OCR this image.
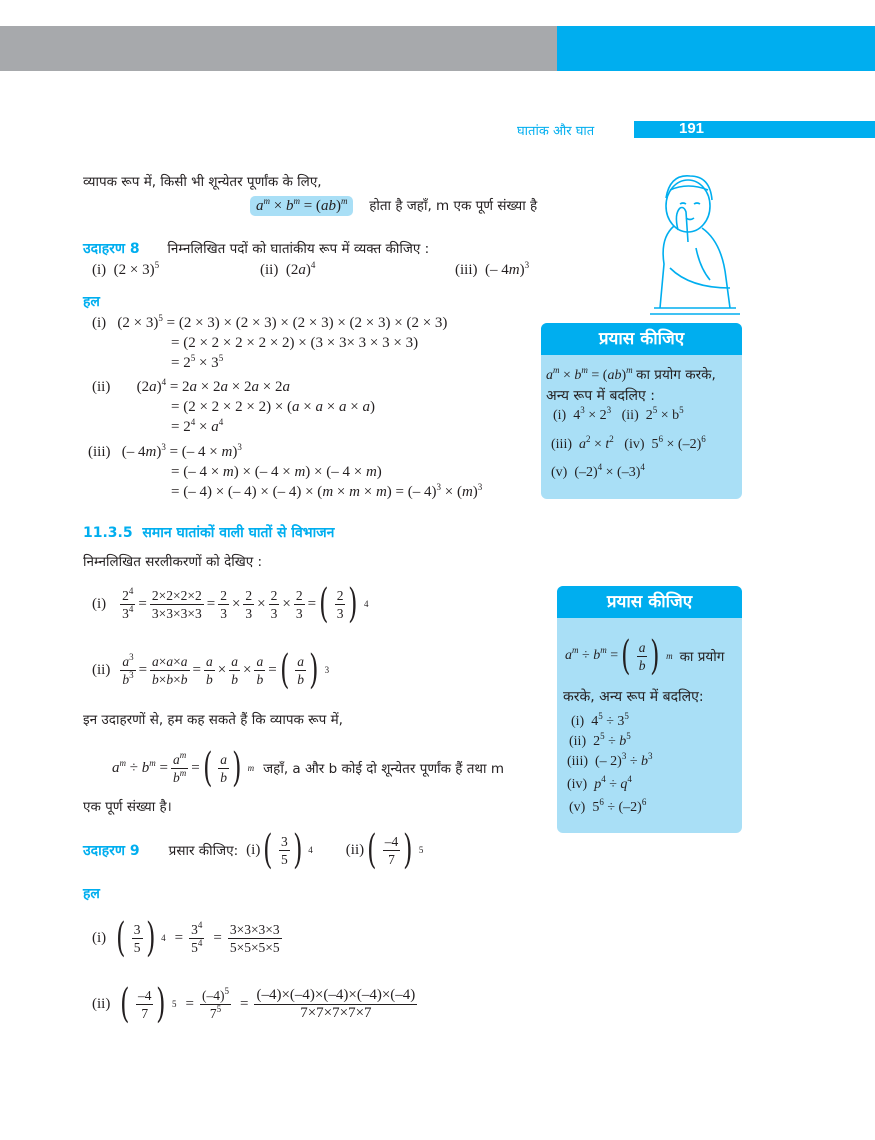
घातांक और घात	191
व्यापक रूप में, किसी भी शून्येतर पूर्णांक के लिए,
$a^m \times b^m = (ab)^m$ होता है जहाँ, m एक पूर्ण संख्या है
उदाहरण 8 निम्नलिखित पदों को घातांकीय रूप में व्यक्त कीजिए :
(i)  $(2 \times 3)^5$	(ii)  $(2a)^4$	(iii)  (– 4m)$^3$
हल
(i)   $(2 \times 3)^5 = (2 \times 3) \times (2 \times 3) \times (2 \times 3) \times (2 \times 3) \times (2 \times 3)$
= (2 × 2 × 2 × 2 × 2) × (3 × 3× 3 × 3 × 3)
= $2^5 \times 3^5$
(ii)       $(2a)^4 = 2a \times 2a \times 2a \times 2a$
= (2 × 2 × 2 × 2) × (a × a × a × a)
= $2^4 \times a^4$
(iii)   (– 4m)$^3$ = (– 4 × m)$^3$
= (– 4 × m) × (– 4 × m) × (– 4 × m)
= (– 4) × (– 4) × (– 4) × (m × m × m) = (– $4)^3 \times (m)^3$
प्रयास कीजिए
$a^m \times b^m = (ab)^m$ का प्रयोग करके,
अन्य रूप में बदलिए :
(i)  $4^3 \times 2^3$   (ii)  $2^5 \times b^5$
(iii)  $a^2 \times t^2$   (iv)  $5^6 \times (-2)^6$
(v)  $(-2)^4 \times (-3)^4$
11.3.5 समान घातांकों वाली घातों से विभाजन
निम्नलिखित सरलीकरणों को देखिए :
$(i) \frac{2^4}{3^4} = \frac{2\times 2\times 2\times 2}{3\times 3\times 3\times 3} = \frac{2}{3} \times \frac{2}{3} \times \frac{2}{3} \times \frac{2}{3}$ = ( $\frac{2}{3}$ ) 4
$(ii) \frac{a^3}{b^3} = \frac{a\times a\times a}{b\times b\times b} = \frac{a}{b} \times \frac{a}{b} \times \frac{a}{b}$ = ( $\frac{a}{b}$ ) 3
इन उदाहरणों से, हम कह सकते हैं कि व्यापक रूप में,
$a^m \div b^m = \frac{a^m}{b^m}$ = ( $\frac{a}{b}$ ) m जहाँ, a और b कोई दो शून्येतर पूर्णांक हैं तथा m
एक पूर्ण संख्या है।
प्रयास कीजिए
$a^m \div b^m$ = ( $\frac{a}{b}$ ) m का प्रयोग
करके, अन्य रूप में बदलिए:
(i)  $4^5 \div 3^5$
(ii)  $2^5 \div b^5$
(iii)  (– $2)^3 \div b^3$
(iv)  $p^4 \div q^4$
(v)  $5^6 \div (-2)^6$
उदाहरण 9 प्रसार कीजिए: (i) ( $\frac{3}{5}$ ) 4 (ii) ( $\frac{-4}{7}$ ) 5
हल
(i) ( $\frac{3}{5}$ ) $4 = \frac{3^4}{5^4} = \frac{3\times 3\times 3\times 3}{5\times 5\times 5\times 5}$
(ii) ( $\frac{-4}{7}$ ) $5 = \frac{(-4)^5}{7^5} = \frac{(-4)\times(-4)\times(-4)\times(-4)\times(-4)}{7\times 7\times 7\times 7\times 7}$
